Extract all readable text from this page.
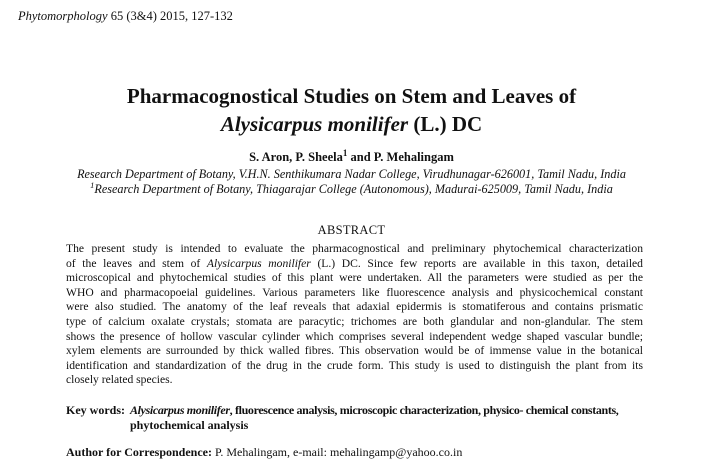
Phytomorphology 65 (3&4) 2015, 127-132
Pharmacognostical Studies on Stem and Leaves of
Alysicarpus monilifer (L.) DC
S. Aron, P. Sheela$^1$ and P. Mehalingam
Research Department of Botany, V.H.N. Senthikumara Nadar College, Virudhunagar-626001, Tamil Nadu, India
$^1$Research Department of Botany, Thiagarajar College (Autonomous), Madurai-625009, Tamil Nadu, India
ABSTRACT
The present study is intended to evaluate the pharmacognostical and preliminary phytochemical characterization
of the leaves and stem of Alysicarpus monilifer (L.) DC. Since few reports are available in this taxon, detailed
microscopical and phytochemical studies of this plant were undertaken. All the parameters were studied as per the
WHO and pharmacopoeial guidelines. Various parameters like fluorescence analysis and physicochemical constant
were also studied. The anatomy of the leaf reveals that adaxial epidermis is stomatiferous and contains prismatic
type of calcium oxalate crystals; stomata are paracytic; trichomes are both glandular and non-glandular. The stem
shows the presence of hollow vascular cylinder which comprises several independent wedge shaped vascular bundle;
xylem elements are surrounded by thick walled fibres. This observation would be of immense value in the botanical
identification and standardization of the drug in the crude form. This study is used to distinguish the plant from its
closely related species.
Key words: Alysicarpus monilifer, fluorescence analysis, microscopic characterization, physico- chemical constants,
phytochemical analysis
Author for Correspondence: P. Mehalingam, e-mail: mehalingamp@yahoo.co.in
